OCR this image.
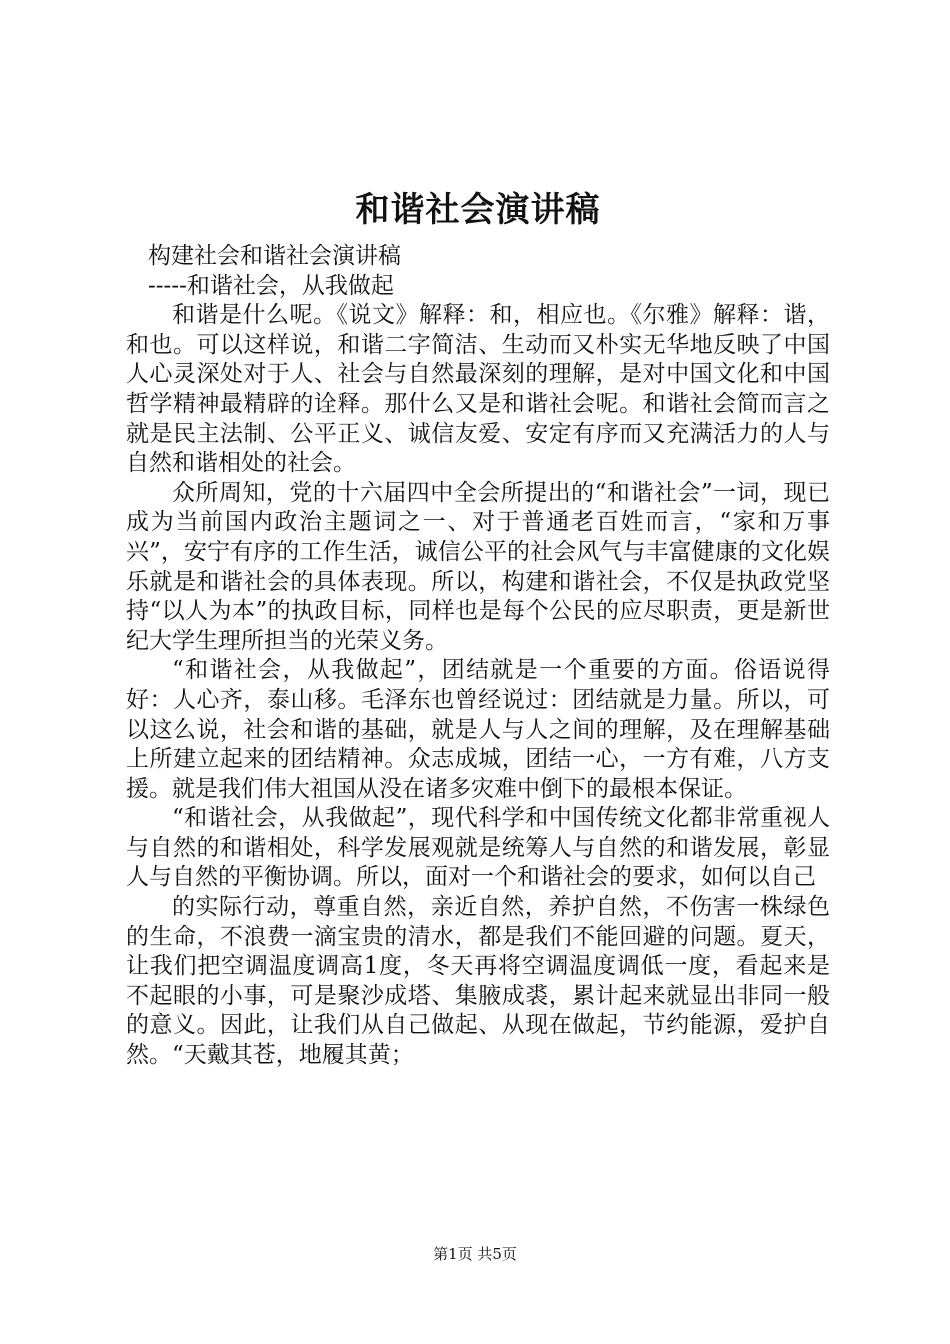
和谐社会演讲稿

构建社会和谐社会演讲稿

-----和谐社会，从我做起

和谐是什么呢。《说文》解释：和，相应也。《尔雅》解释：谐，和也。可以这样说，和谐二字简洁、生动而又朴实无华地反映了中国人心灵深处对于人、社会与自然最深刻的理解，是对中国文化和中国哲学精神最精辟的诠释。那什么又是和谐社会呢。和谐社会简而言之就是民主法制、公平正义、诚信友爱、安定有序而又充满活力的人与自然和谐相处的社会。

众所周知，党的十六届四中全会所提出的“和谐社会”一词，现已成为当前国内政治主题词之一、对于普通老百姓而言，“家和万事兴”，安宁有序的工作生活，诚信公平的社会风气与丰富健康的文化娱乐就是和谐社会的具体表现。所以，构建和谐社会，不仅是执政党坚持“以人为本”的执政目标，同样也是每个公民的应尽职责，更是新世纪大学生理所担当的光荣义务。

“和谐社会，从我做起”，团结就是一个重要的方面。俗语说得好：人心齐，泰山移。毛泽东也曾经说过：团结就是力量。所以，可以这么说，社会和谐的基础，就是人与人之间的理解，及在理解基础上所建立起来的团结精神。众志成城，团结一心，一方有难，八方支援。就是我们伟大祖国从没在诸多灾难中倒下的最根本保证。

“和谐社会，从我做起”，现代科学和中国传统文化都非常重视人与自然的和谐相处，科学发展观就是统筹人与自然的和谐发展，彰显人与自然的平衡协调。所以，面对一个和谐社会的要求，如何以自己

的实际行动，尊重自然，亲近自然，养护自然，不伤害一株绿色的生命，不浪费一滴宝贵的清水，都是我们不能回避的问题。夏天，让我们把空调温度调高1度，冬天再将空调温度调低一度，看起来是不起眼的小事，可是聚沙成塔、集腋成裘，累计起来就显出非同一般的意义。因此，让我们从自己做起、从现在做起，节约能源，爱护自然。“天戴其苍，地履其黄；

第1页 共5页
